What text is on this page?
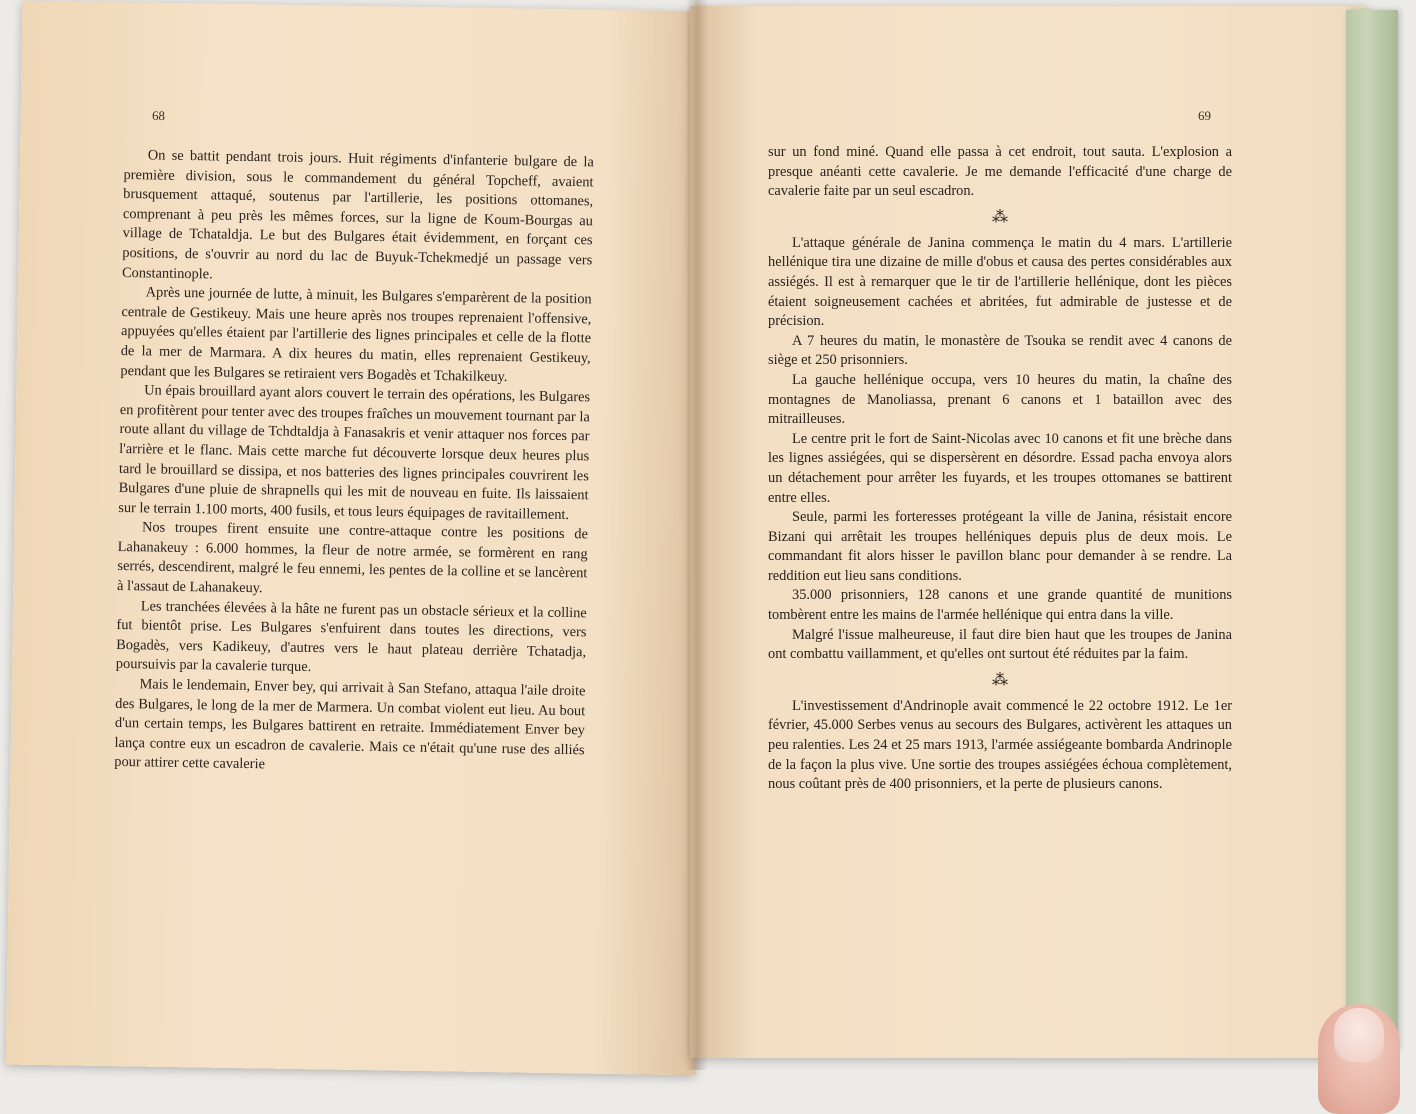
68	69

On se battit pendant trois jours. Huit régiments d'infanterie bulgare de la première division, sous le commandement du général Topcheff, avaient brusquement attaqué, soutenus par l'artillerie, les positions ottomanes, comprenant à peu près les mêmes forces, sur la ligne de Koum-Bourgas au village de Tchataldja. Le but des Bulgares était évidemment, en forçant ces positions, de s'ouvrir au nord du lac de Buyuk-Tchekmedjé un passage vers Constantinople.

Après une journée de lutte, à minuit, les Bulgares s'emparèrent de la position centrale de Gestikeuy. Mais une heure après nos troupes reprenaient l'offensive, appuyées qu'elles étaient par l'artillerie des lignes principales et celle de la flotte de la mer de Marmara. A dix heures du matin, elles reprenaient Gestikeuy, pendant que les Bulgares se retiraient vers Bogadès et Tchakilkeuy.

Un épais brouillard ayant alors couvert le terrain des opérations, les Bulgares en profitèrent pour tenter avec des troupes fraîches un mouvement tournant par la route allant du village de Tchdtaldja à Fanasakris et venir attaquer nos forces par l'arrière et le flanc. Mais cette marche fut découverte lorsque deux heures plus tard le brouillard se dissipa, et nos batteries des lignes principales couvrirent les Bulgares d'une pluie de shrapnells qui les mit de nouveau en fuite. Ils laissaient sur le terrain 1.100 morts, 400 fusils, et tous leurs équipages de ravitaillement.

Nos troupes firent ensuite une contre-attaque contre les positions de Lahanakeuy : 6.000 hommes, la fleur de notre armée, se formèrent en rang serrés, descendirent, malgré le feu ennemi, les pentes de la colline et se lancèrent à l'assaut de Lahanakeuy.

Les tranchées élevées à la hâte ne furent pas un obstacle sérieux et la colline fut bientôt prise. Les Bulgares s'enfuirent dans toutes les directions, vers Bogadès, vers Kadikeuy, d'autres vers le haut plateau derrière Tchatadja, poursuivis par la cavalerie turque.

Mais le lendemain, Enver bey, qui arrivait à San Stefano, attaqua l'aile droite des Bulgares, le long de la mer de Marmera. Un combat violent eut lieu. Au bout d'un certain temps, les Bulgares battirent en retraite. Immédiatement Enver bey lança contre eux un escadron de cavalerie. Mais ce n'était qu'une ruse des alliés pour attirer cette cavalerie

sur un fond miné. Quand elle passa à cet endroit, tout sauta. L'explosion a presque anéanti cette cavalerie. Je me demande l'efficacité d'une charge de cavalerie faite par un seul escadron.

⁂

L'attaque générale de Janina commença le matin du 4 mars. L'artillerie hellénique tira une dizaine de mille d'obus et causa des pertes considérables aux assiégés. Il est à remarquer que le tir de l'artillerie hellénique, dont les pièces étaient soigneusement cachées et abritées, fut admirable de justesse et de précision.

A 7 heures du matin, le monastère de Tsouka se rendit avec 4 canons de siège et 250 prisonniers.

La gauche hellénique occupa, vers 10 heures du matin, la chaîne des montagnes de Manoliassa, prenant 6 canons et 1 bataillon avec des mitrailleuses.

Le centre prit le fort de Saint-Nicolas avec 10 canons et fit une brèche dans les lignes assiégées, qui se dispersèrent en désordre. Essad pacha envoya alors un détachement pour arrêter les fuyards, et les troupes ottomanes se battirent entre elles.

Seule, parmi les forteresses protégeant la ville de Janina, résistait encore Bizani qui arrêtait les troupes helléniques depuis plus de deux mois. Le commandant fit alors hisser le pavillon blanc pour demander à se rendre. La reddition eut lieu sans conditions.

35.000 prisonniers, 128 canons et une grande quantité de munitions tombèrent entre les mains de l'armée hellénique qui entra dans la ville.

Malgré l'issue malheureuse, il faut dire bien haut que les troupes de Janina ont combattu vaillamment, et qu'elles ont surtout été réduites par la faim.

⁂

L'investissement d'Andrinople avait commencé le 22 octobre 1912. Le 1er février, 45.000 Serbes venus au secours des Bulgares, activèrent les attaques un peu ralenties. Les 24 et 25 mars 1913, l'armée assiégeante bombarda Andrinople de la façon la plus vive. Une sortie des troupes assiégées échoua complètement, nous coûtant près de 400 prisonniers, et la perte de plusieurs canons.
